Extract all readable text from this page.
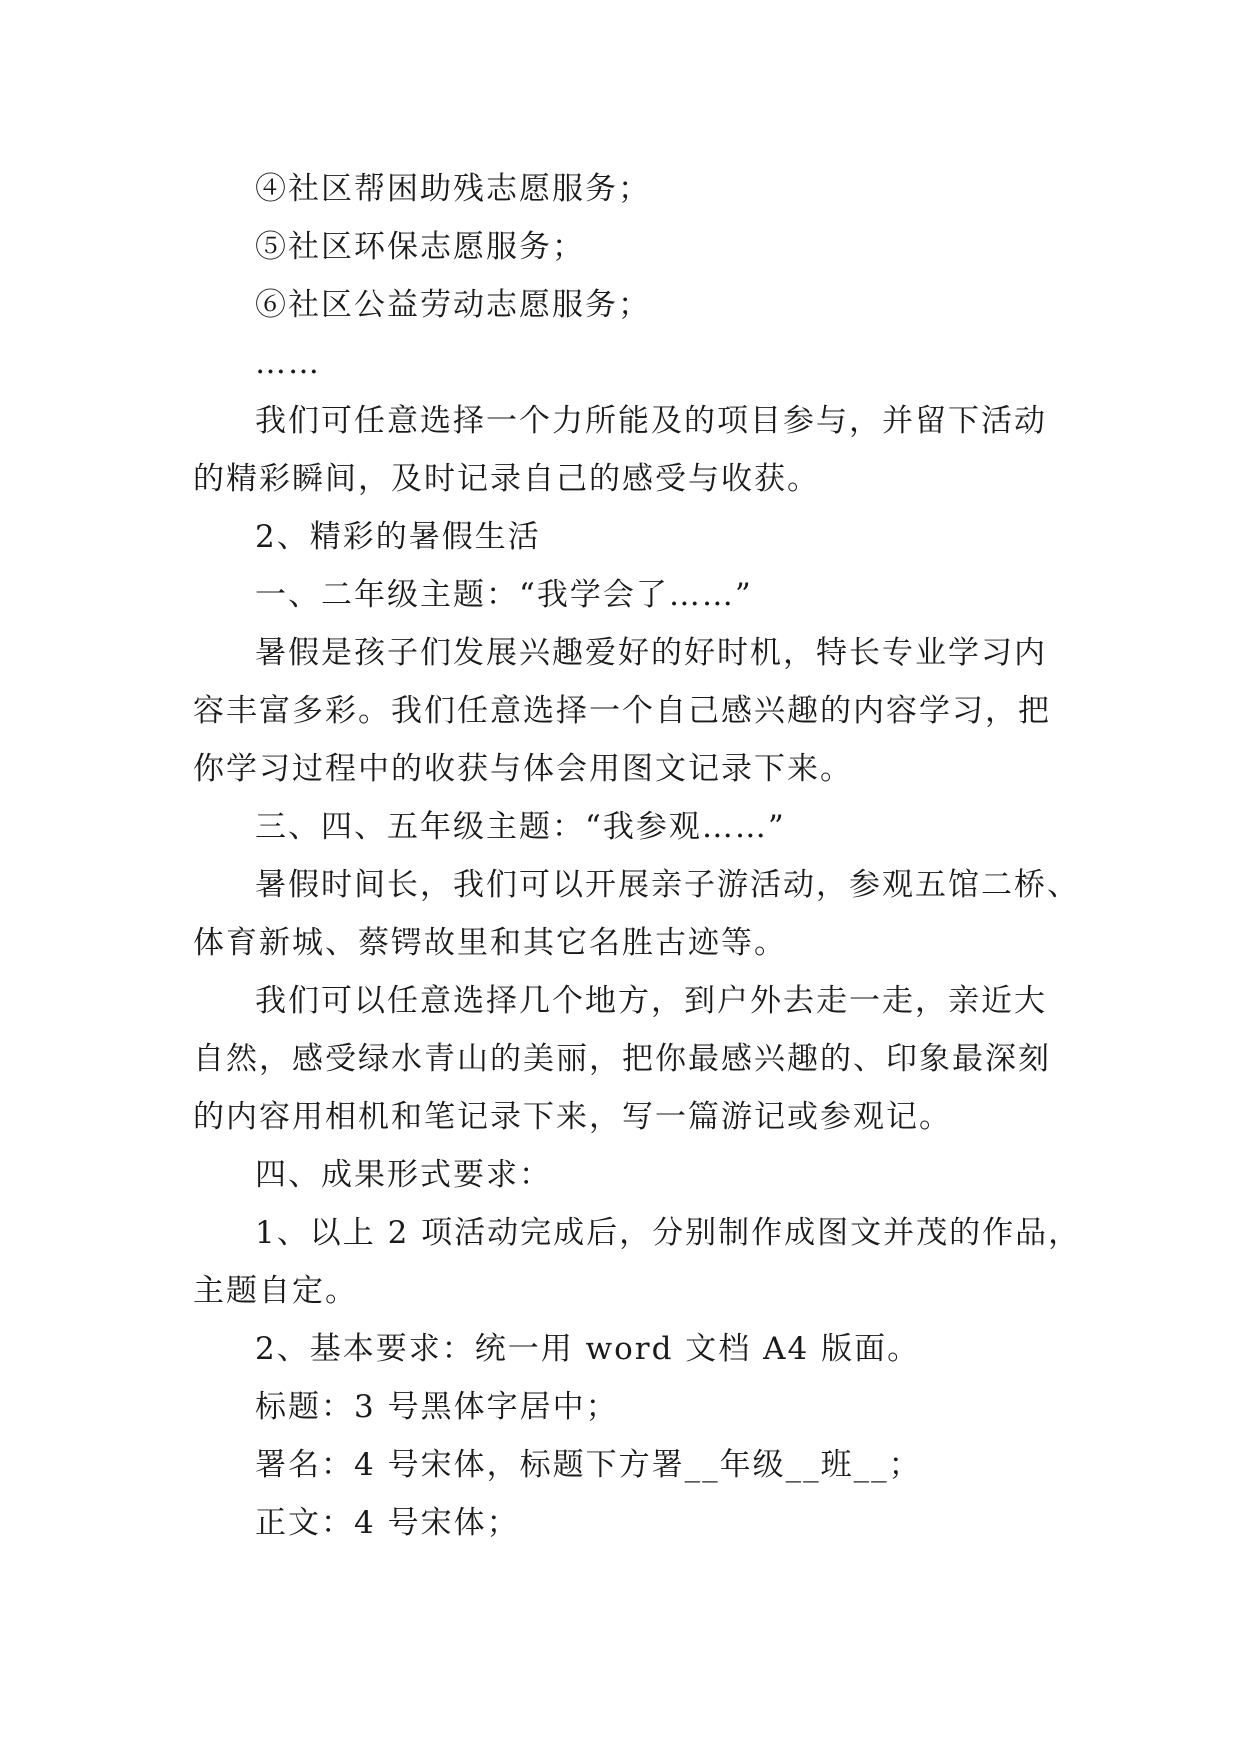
④社区帮困助残志愿服务；
⑤社区环保志愿服务；
⑥社区公益劳动志愿服务；
……
我们可任意选择一个力所能及的项目参与，并留下活动
的精彩瞬间，及时记录自己的感受与收获。
2、精彩的暑假生活
一、二年级主题：“我学会了……”
暑假是孩子们发展兴趣爱好的好时机，特长专业学习内
容丰富多彩。我们任意选择一个自己感兴趣的内容学习，把
你学习过程中的收获与体会用图文记录下来。
三、四、五年级主题：“我参观……”
暑假时间长，我们可以开展亲子游活动，参观五馆二桥、
体育新城、蔡锷故里和其它名胜古迹等。
我们可以任意选择几个地方，到户外去走一走，亲近大
自然，感受绿水青山的美丽，把你最感兴趣的、印象最深刻
的内容用相机和笔记录下来，写一篇游记或参观记。
四、成果形式要求：
1、以上 2 项活动完成后，分别制作成图文并茂的作品，
主题自定。
2、基本要求：统一用 word 文档 A4 版面。
标题：3 号黑体字居中；
署名：4 号宋体，标题下方署__年级__班__；
正文：4 号宋体；
